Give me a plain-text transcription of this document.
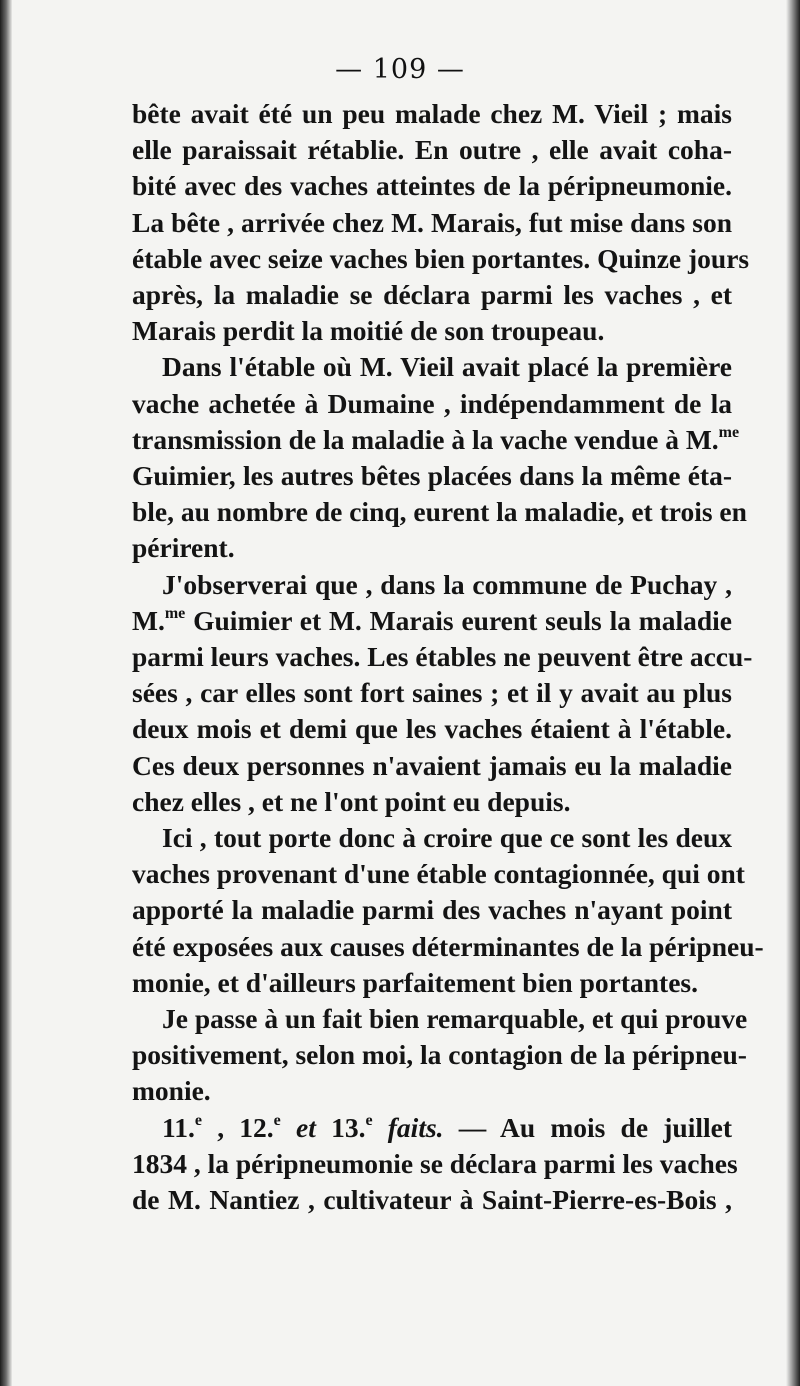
— 109 —
bête avait été un peu malade chez M. Vieil ; mais
elle paraissait rétablie. En outre , elle avait coha-
bité avec des vaches atteintes de la péripneumonie.
La bête , arrivée chez M. Marais, fut mise dans son
étable avec seize vaches bien portantes. Quinze jours
après, la maladie se déclara parmi les vaches , et
Marais perdit la moitié de son troupeau.
Dans l'étable où M. Vieil avait placé la première
vache achetée à Dumaine , indépendamment de la
transmission de la maladie à la vache vendue à M.$^{me}$
Guimier, les autres bêtes placées dans la même éta-
ble, au nombre de cinq, eurent la maladie, et trois en
périrent.
J'observerai que , dans la commune de Puchay ,
M.$^{me}$ Guimier et M. Marais eurent seuls la maladie
parmi leurs vaches. Les étables ne peuvent être accu-
sées , car elles sont fort saines ; et il y avait au plus
deux mois et demi que les vaches étaient à l'étable.
Ces deux personnes n'avaient jamais eu la maladie
chez elles , et ne l'ont point eu depuis.
Ici , tout porte donc à croire que ce sont les deux
vaches provenant d'une étable contagionnée, qui ont
apporté la maladie parmi des vaches n'ayant point
été exposées aux causes déterminantes de la péripneu-
monie, et d'ailleurs parfaitement bien portantes.
Je passe à un fait bien remarquable, et qui prouve
positivement, selon moi, la contagion de la péripneu-
monie.
11.$^e$ , 12.$^e$ et 13.$^e$ faits. — Au mois de juillet
1834 , la péripneumonie se déclara parmi les vaches
de M. Nantiez , cultivateur à Saint-Pierre-es-Bois ,
